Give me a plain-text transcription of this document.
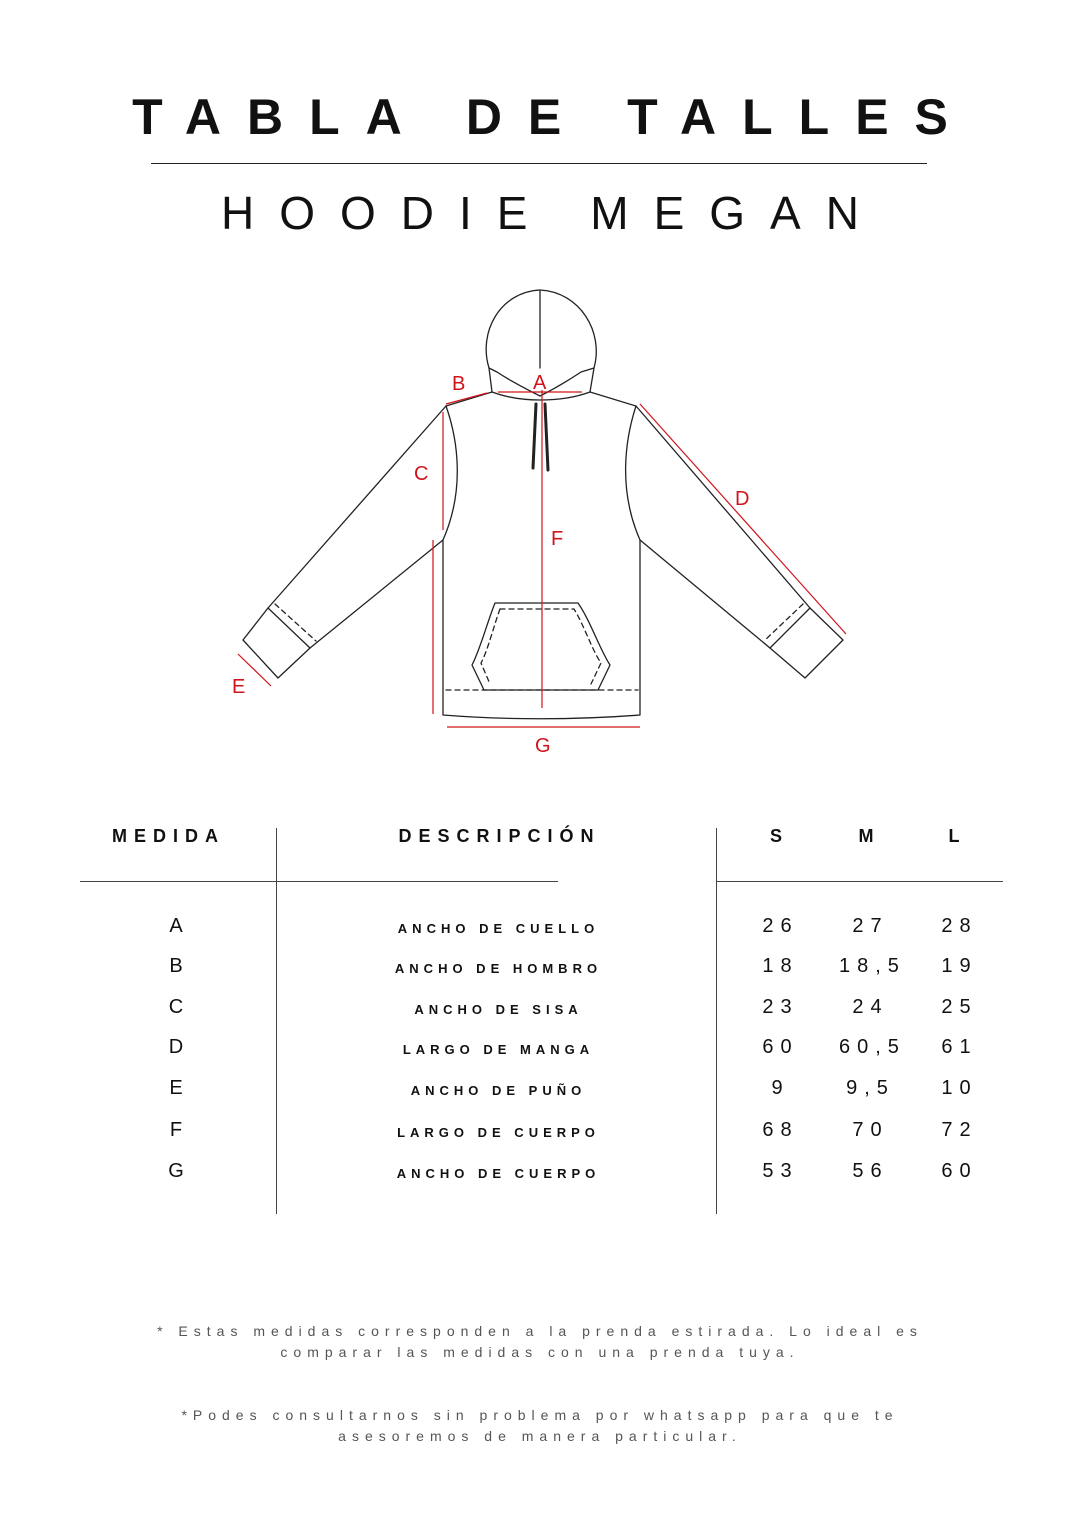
TABLA DE TALLES
HOODIE MEGAN
A
B
C
D
E
F
G
MEDIDA	DESCRIPCIÓN	S	M	L
A	ANCHO DE CUELLO	26	27	28
B	ANCHO DE HOMBRO	18	18,5	19
C	ANCHO DE SISA	23	24	25
D	LARGO DE MANGA	60	60,5	61
E	ANCHO DE PUÑO	9	9,5	10
F	LARGO DE CUERPO	68	70	72
G	ANCHO DE CUERPO	53	56	60
* Estas medidas corresponden a la prenda estirada. Lo ideal es
comparar las medidas con una prenda tuya.
*Podes consultarnos sin problema por whatsapp para que te
asesoremos de manera particular.
